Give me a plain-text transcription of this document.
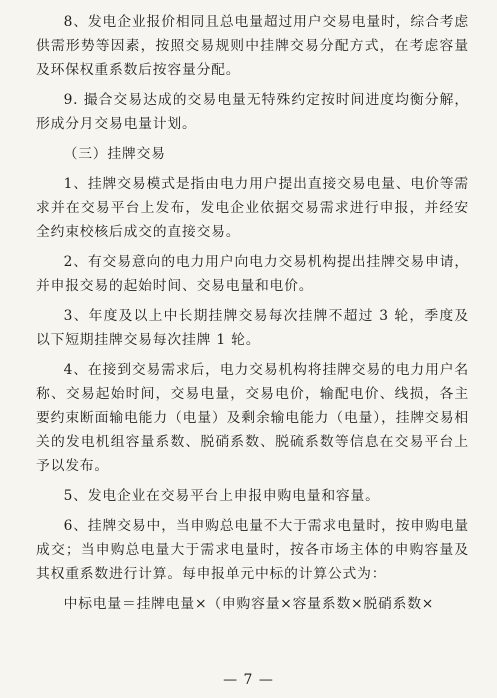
8、发电企业报价相同且总电量超过用户交易电量时，综合考虑供需形势等因素，按照交易规则中挂牌交易分配方式，在考虑容量及环保权重系数后按容量分配。

9. 撮合交易达成的交易电量无特殊约定按时间进度均衡分解，形成分月交易电量计划。

（三）挂牌交易

1、挂牌交易模式是指由电力用户提出直接交易电量、电价等需求并在交易平台上发布，发电企业依据交易需求进行申报，并经安全约束校核后成交的直接交易。

2、有交易意向的电力用户向电力交易机构提出挂牌交易申请，并申报交易的起始时间、交易电量和电价。

3、年度及以上中长期挂牌交易每次挂牌不超过 3 轮，季度及以下短期挂牌交易每次挂牌 1 轮。

4、在接到交易需求后，电力交易机构将挂牌交易的电力用户名称、交易起始时间，交易电量，交易电价，输配电价、线损，各主要约束断面输电能力（电量）及剩余输电能力（电量），挂牌交易相关的发电机组容量系数、脱硝系数、脱硫系数等信息在交易平台上予以发布。

5、发电企业在交易平台上申报申购电量和容量。

6、挂牌交易中，当申购总电量不大于需求电量时，按申购电量成交；当申购总电量大于需求电量时，按各市场主体的申购容量及其权重系数进行计算。每申报单元中标的计算公式为：

中标电量＝挂牌电量×（申购容量×容量系数×脱硝系数×

— 7 —
